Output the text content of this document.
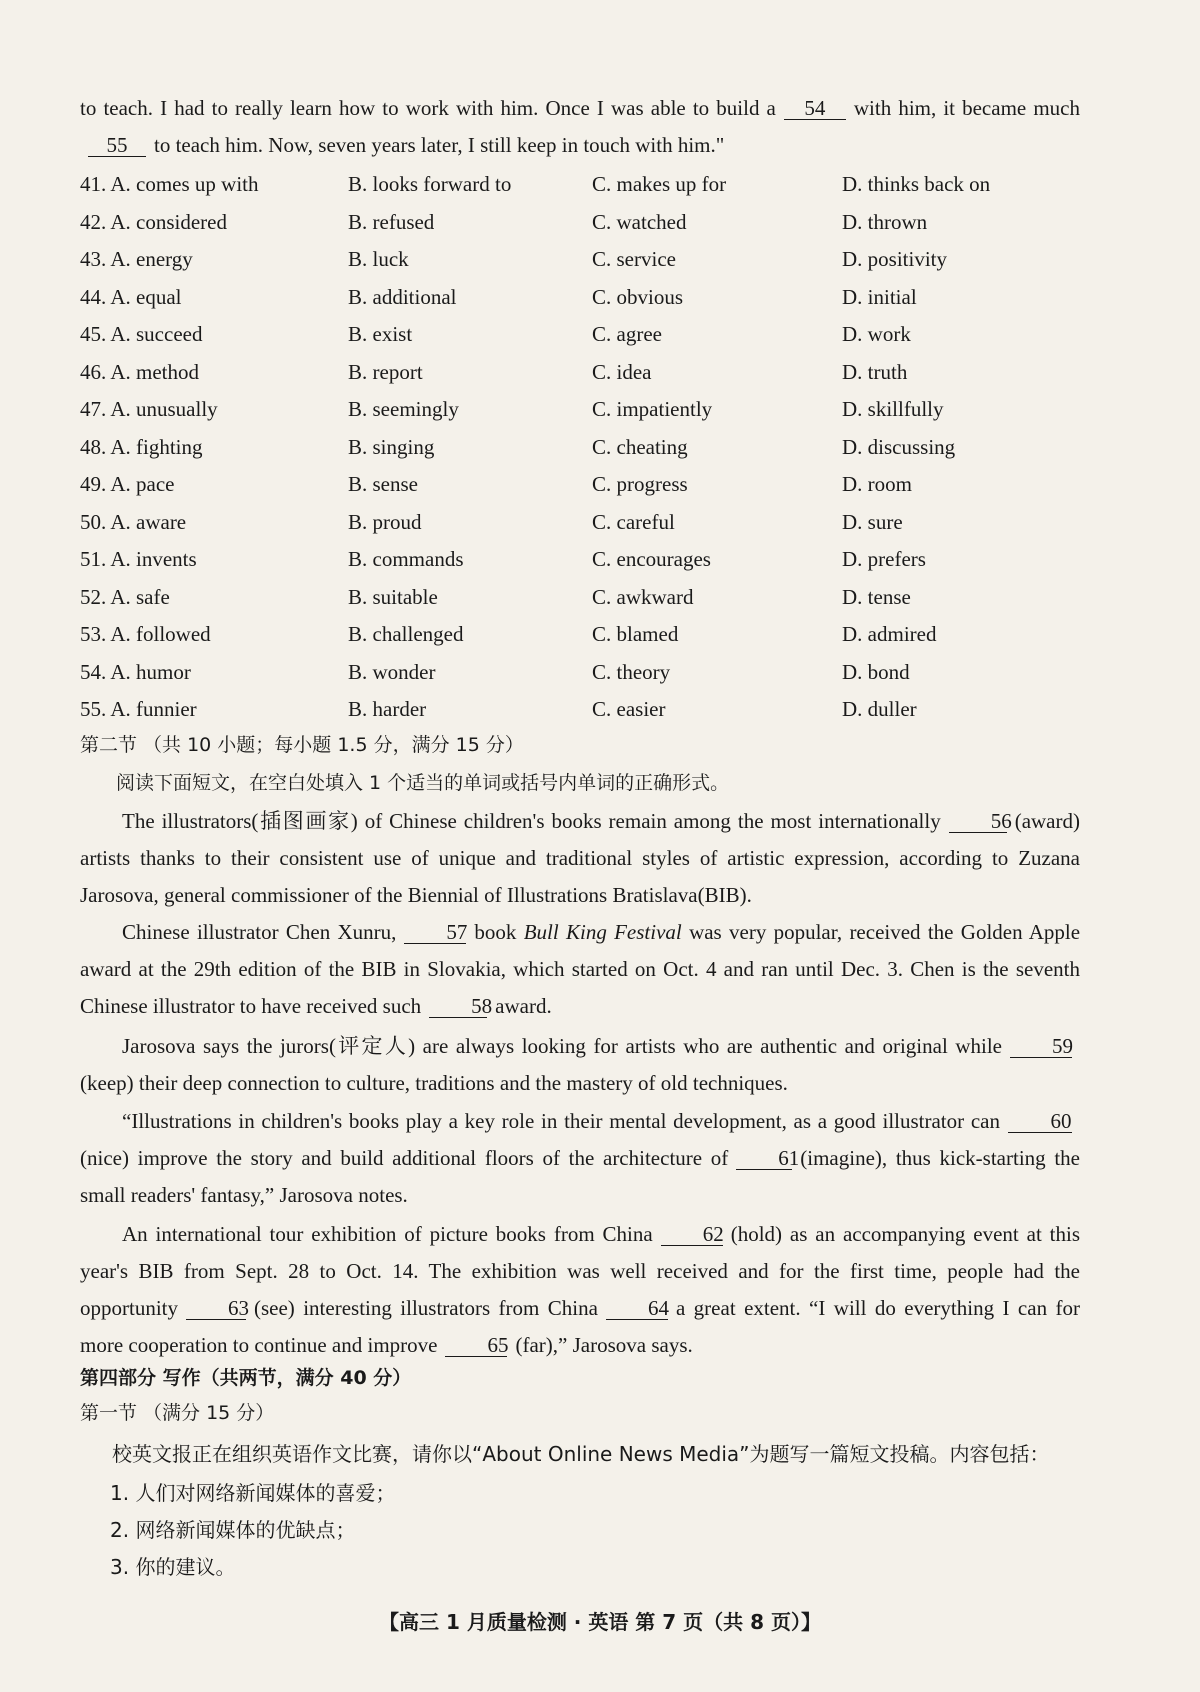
to teach. I had to really learn how to work with him. Once I was able to build a 54 with him, it became much55 to teach him. Now, seven years later, I still keep in touch with him."

41. A. comes up with	B. looks forward to	C. makes up for	D. thinks back on
42. A. considered	B. refused	C. watched	D. thrown
43. A. energy	B. luck	C. service	D. positivity
44. A. equal	B. additional	C. obvious	D. initial
45. A. succeed	B. exist	C. agree	D. work
46. A. method	B. report	C. idea	D. truth
47. A. unusually	B. seemingly	C. impatiently	D. skillfully
48. A. fighting	B. singing	C. cheating	D. discussing
49. A. pace	B. sense	C. progress	D. room
50. A. aware	B. proud	C. careful	D. sure
51. A. invents	B. commands	C. encourages	D. prefers
52. A. safe	B. suitable	C. awkward	D. tense
53. A. followed	B. challenged	C. blamed	D. admired
54. A. humor	B. wonder	C. theory	D. bond
55. A. funnier	B. harder	C. easier	D. duller
第二节 （共 10 小题；每小题 1.5 分，满分 15 分）
阅读下面短文，在空白处填入 1 个适当的单词或括号内单词的正确形式。

The illustrators(插图画家) of Chinese children's books remain among the most internationally 56 (award) artists thanks to their consistent use of unique and traditional styles of artistic expression, according to Zuzana Jarosova, general commissioner of the Biennial of Illustrations Bratislava(BIB).

Chinese illustrator Chen Xunru, 57 book Bull King Festival was very popular, received the Golden Apple award at the 29th edition of the BIB in Slovakia, which started on Oct. 4 and ran until Dec. 3. Chen is the seventh Chinese illustrator to have received such 58 award.

Jarosova says the jurors(评定人) are always looking for artists who are authentic and original while 59(keep) their deep connection to culture, traditions and the mastery of old techniques.

“Illustrations in children's books play a key role in their mental development, as a good illustrator can 60(nice) improve the story and build additional floors of the architecture of 61(imagine), thus kick-starting the small readers' fantasy,” Jarosova notes.

An international tour exhibition of picture books from China 62 (hold) as an accompanying event at this year's BIB from Sept. 28 to Oct. 14. The exhibition was well received and for the first time, people had the opportunity 63 (see) interesting illustrators from China 64 a great extent. “I will do everything I can for more cooperation to continue and improve 65 (far),” Jarosova says.

第四部分 写作（共两节，满分 40 分）
第一节 （满分 15 分）
校英文报正在组织英语作文比赛，请你以“About Online News Media”为题写一篇短文投稿。内容包括：
1. 人们对网络新闻媒体的喜爱；
2. 网络新闻媒体的优缺点；
3. 你的建议。
【高三 1 月质量检测 · 英语 第 7 页（共 8 页）】
